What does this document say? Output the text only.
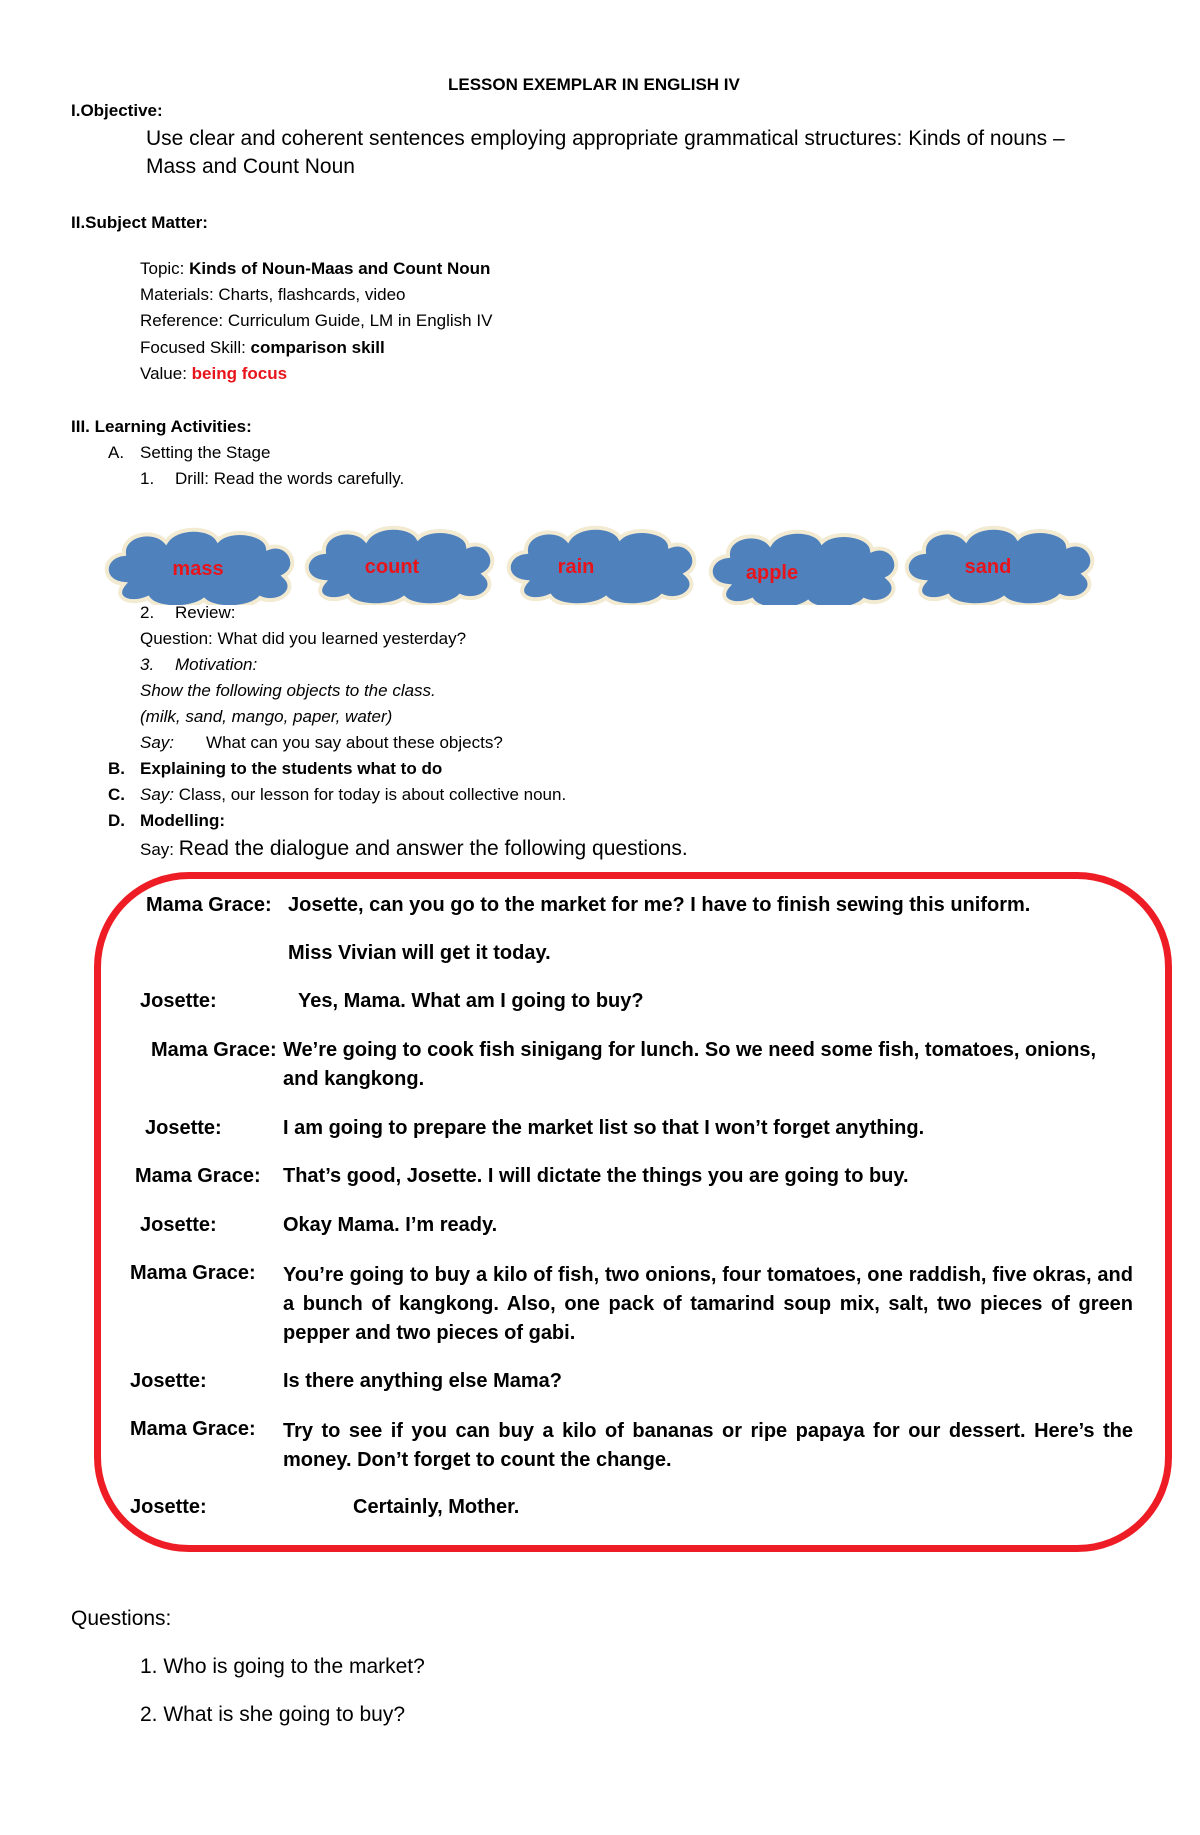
LESSON EXEMPLAR IN ENGLISH IV
I.Objective:
Use clear and coherent sentences employing appropriate grammatical structures: Kinds of nouns –
Mass and Count Noun
II.Subject Matter:
Topic: Kinds of Noun-Maas and Count Noun
Materials: Charts, flashcards, video
Reference: Curriculum Guide, LM in English IV
Focused Skill: comparison skill
Value: being focus
III. Learning Activities:
A. Setting the Stage
1. Drill: Read the words carefully.
mass	count	rain	apple	sand
2. Review:
Question: What did you learned yesterday?
3. Motivation:
Show the following objects to the class.
(milk, sand, mango, paper, water)
Say: What can you say about these objects?
B. Explaining to the students what to do
C. Say: Class, our lesson for today is about collective noun.
D. Modelling:
Say: Read the dialogue and answer the following questions.
Mama Grace: Josette, can you go to the market for me? I have to finish sewing this uniform.
Miss Vivian will get it today.
Josette:	Yes, Mama. What am I going to buy?
Mama Grace: We’re going to cook fish sinigang for lunch. So we need some fish, tomatoes, onions,
and kangkong.
Josette:	I am going to prepare the market list so that I won’t forget anything.
Mama Grace: That’s good, Josette. I will dictate the things you are going to buy.
Josette:	Okay Mama. I’m ready.
Mama Grace: You’re going to buy a kilo of fish, two onions, four tomatoes, one raddish, five okras, and a bunch of kangkong. Also, one pack of tamarind soup mix, salt, two pieces of green pepper and two pieces of gabi.
Josette:	Is there anything else Mama?
Mama Grace: Try to see if you can buy a kilo of bananas or ripe papaya for our dessert. Here’s the money. Don’t forget to count the change.
Josette:	Certainly, Mother.
Questions:
1. Who is going to the market?
2. What is she going to buy?
